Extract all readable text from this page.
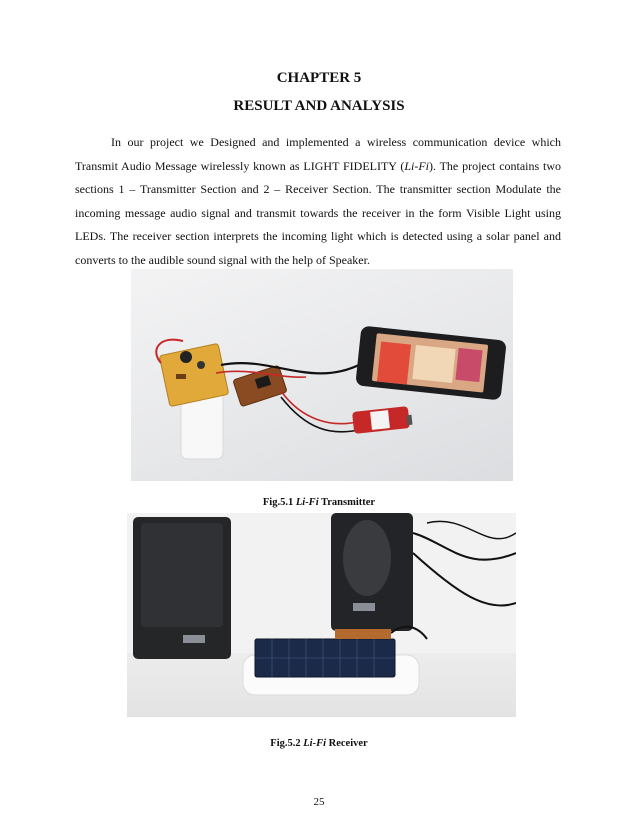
CHAPTER 5
RESULT AND ANALYSIS

In our project we Designed and implemented a wireless communication device which Transmit Audio Message wirelessly known as LIGHT FIDELITY (Li-Fi). The project contains two sections 1 – Transmitter Section and 2 – Receiver Section. The transmitter section Modulate the incoming message audio signal and transmit towards the receiver in the form Visible Light using LEDs. The receiver section interprets the incoming light which is detected using a solar panel and converts to the audible sound signal with the help of Speaker.

Fig.5.1 Li-Fi Transmitter
Fig.5.2 Li-Fi Receiver
25
